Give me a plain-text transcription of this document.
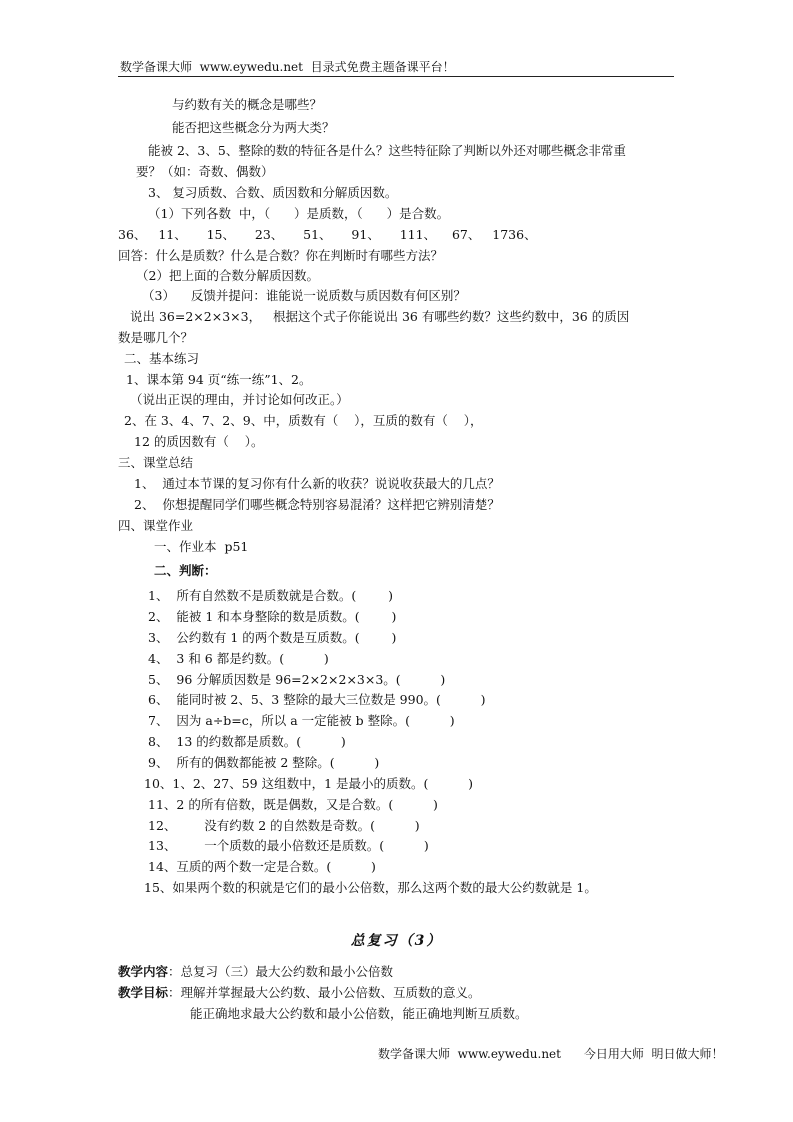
数学备课大师  www.eywedu.net  目录式免费主题备课平台！
与约数有关的概念是哪些？
能否把这些概念分为两大类？
能被 2、3、5、整除的数的特征各是什么？这些特征除了判断以外还对哪些概念非常重
要？（如：奇数、偶数）
3、 复习质数、合数、质因数和分解质因数。
（1）下列各数  中，（      ）是质数，（      ）是合数。
36、   11、     15、     23、     51、     91、     111、    67、   1736、
回答：什么是质数？什么是合数？你在判断时有哪些方法？
（2）把上面的合数分解质因数。
（3）    反馈并提问：谁能说一说质数与质因数有何区别？
说出 36=2×2×3×3，   根据这个式子你能说出 36 有哪些约数？这些约数中，36 的质因
数是哪几个？
二、基本练习
1、课本第 94 页“练一练”1、2。
（说出正误的理由，并讨论如何改正。）
2、在 3、4、7、2、9、中，质数有（    ），互质的数有（    ），
12 的质因数有（    ）。
三、课堂总结
1、  通过本节课的复习你有什么新的收获？说说收获最大的几点？
2、  你想提醒同学们哪些概念特别容易混淆？这样把它辨别清楚？
四、课堂作业
一、作业本  p51
二、判断：
1、  所有自然数不是质数就是合数。(        )
2、  能被 1 和本身整除的数是质数。(        )
3、  公约数有 1 的两个数是互质数。(        )
4、  3 和 6 都是约数。(          )
5、  96 分解质因数是 96=2×2×2×3×3。(          )
6、  能同时被 2、5、3 整除的最大三位数是 990。(          )
7、  因为 a÷b=c，所以 a 一定能被 b 整除。(          )
8、  13 的约数都是质数。(          )
9、  所有的偶数都能被 2 整除。(          )
10、1、2、27、59 这组数中，1 是最小的质数。(          )
11、2 的所有倍数，既是偶数，又是合数。(          )
12、       没有约数 2 的自然数是奇数。(          )
13、       一个质数的最小倍数还是质数。(          )
14、互质的两个数一定是合数。(          )
15、如果两个数的积就是它们的最小公倍数，那么这两个数的最大公约数就是 1。
总复习（3）
教学内容：总复习（三）最大公约数和最小公倍数
教学目标：理解并掌握最大公约数、最小公倍数、互质数的意义。
能正确地求最大公约数和最小公倍数，能正确地判断互质数。
数学备课大师  www.eywedu.net      今日用大师  明日做大师！
